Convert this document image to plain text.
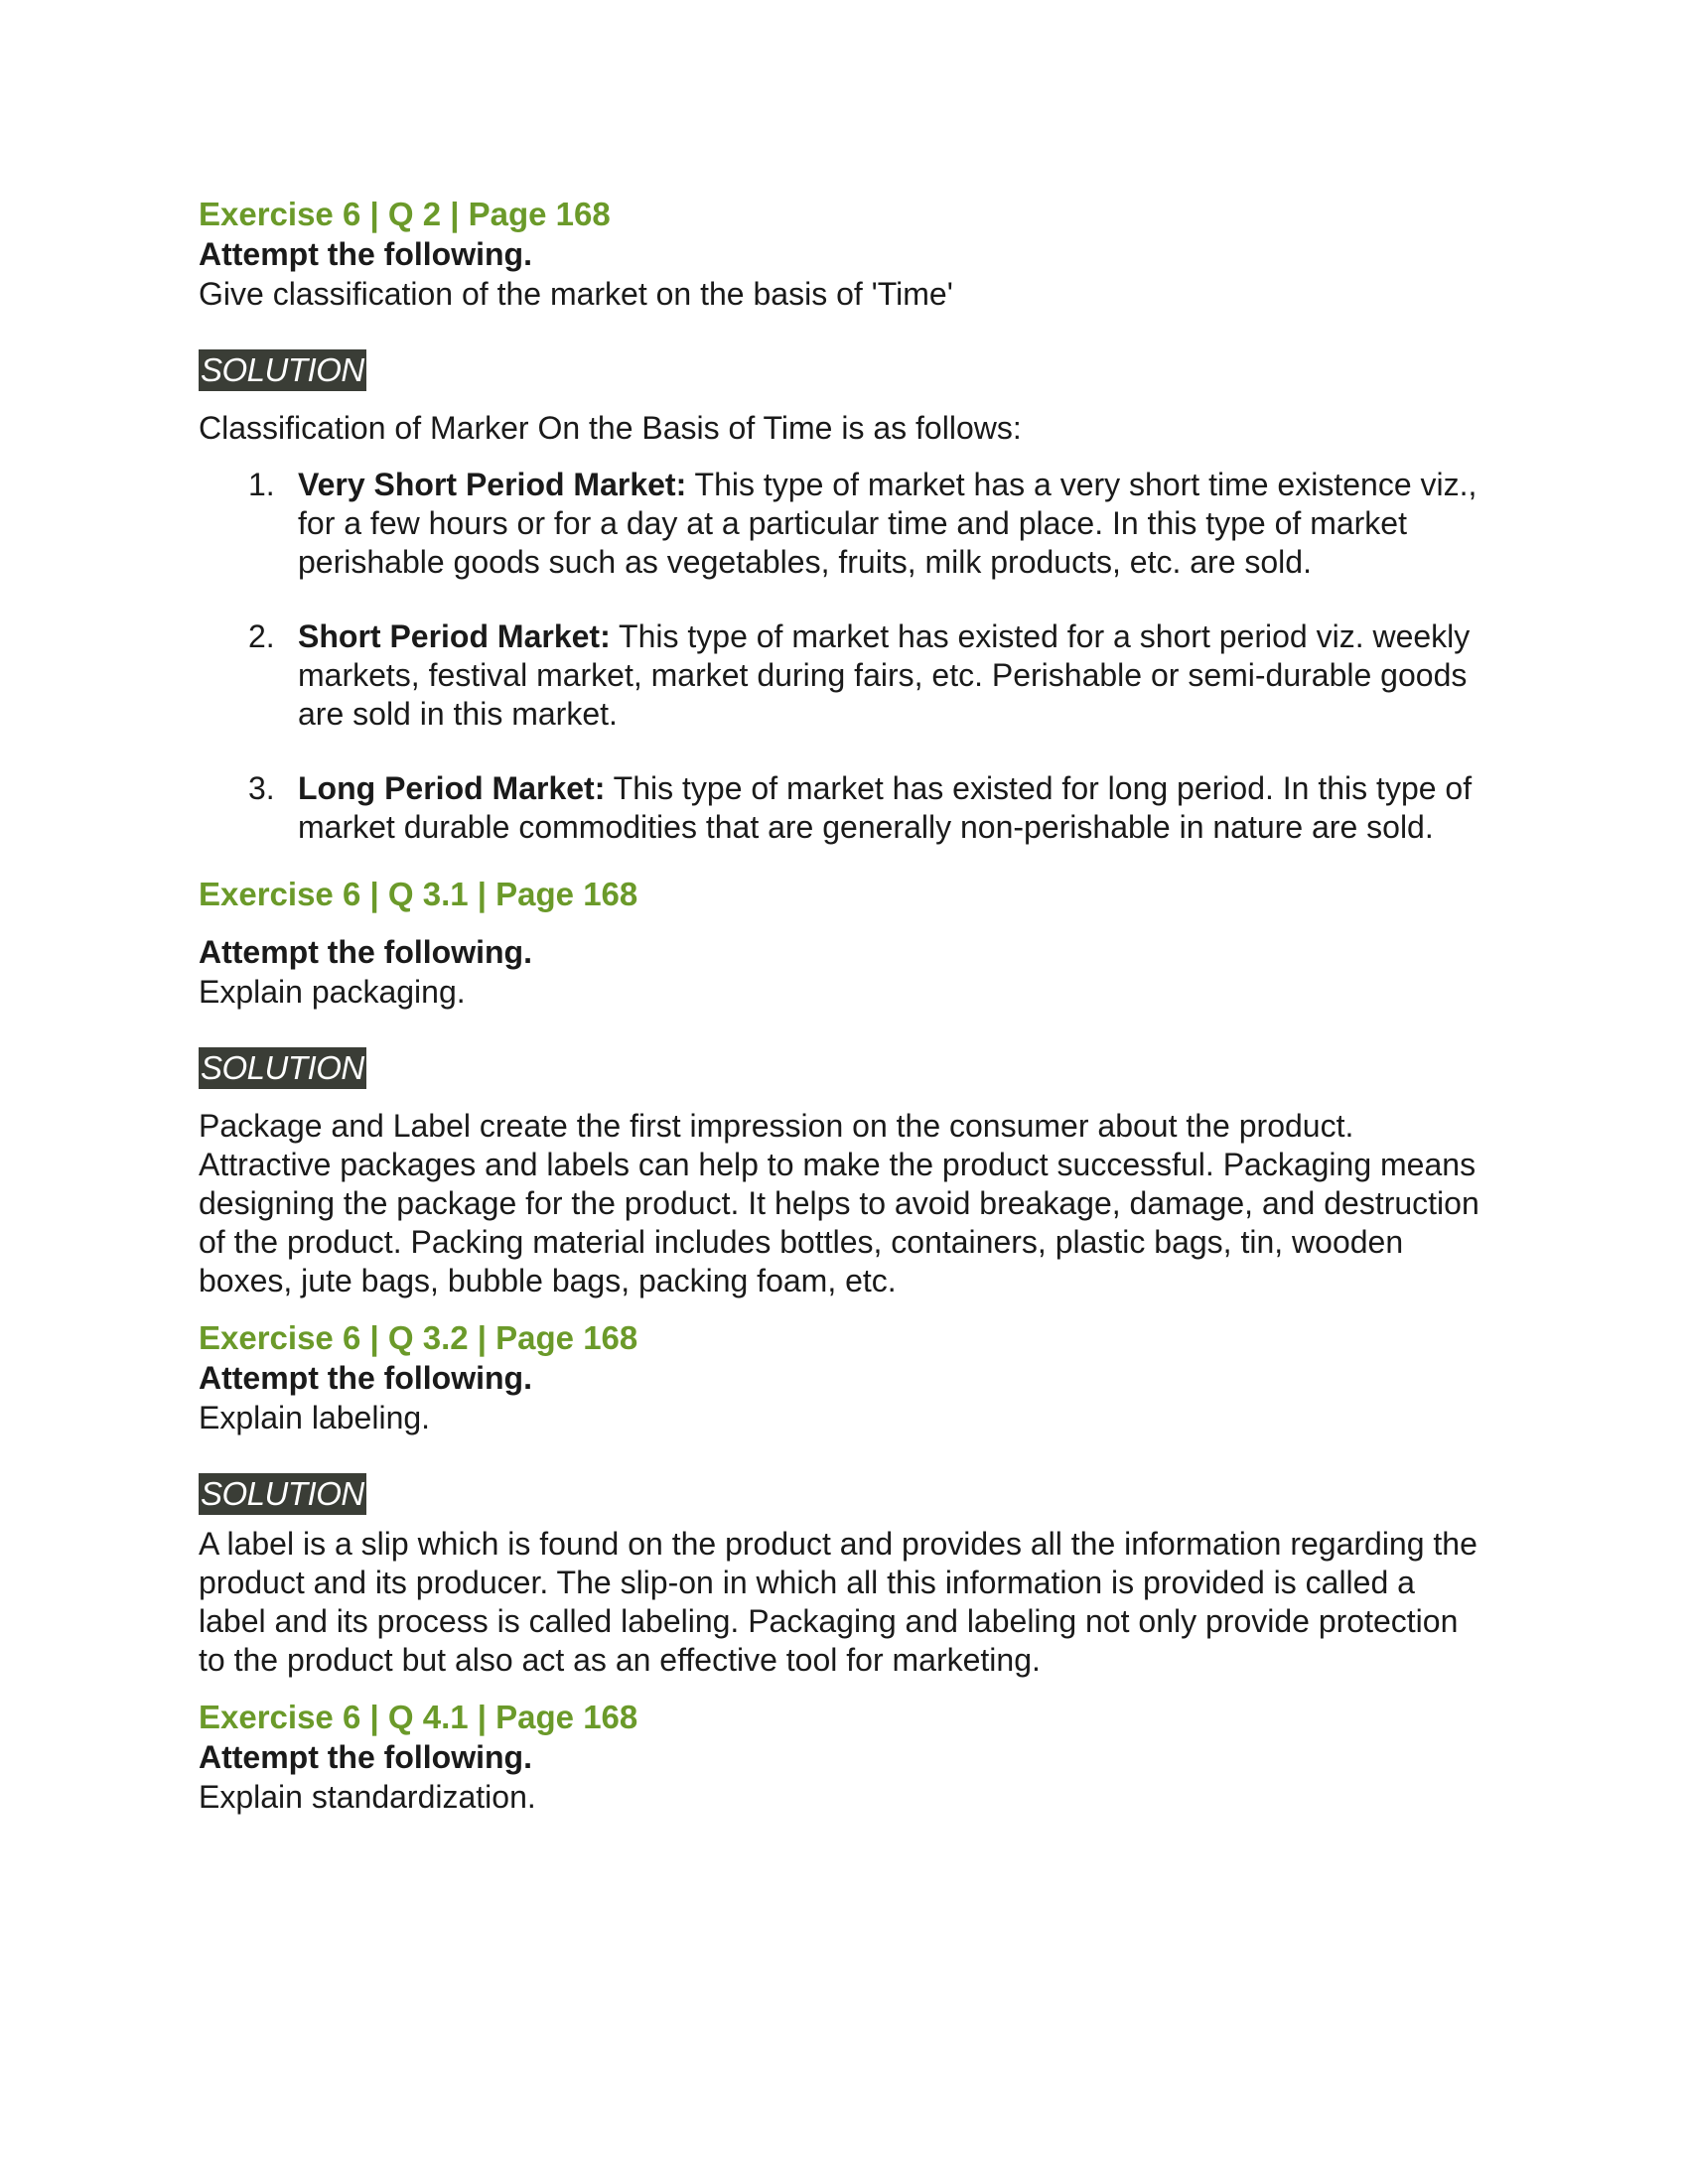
Exercise 6 | Q 2 | Page 168

Attempt the following.

Give classification of the market on the basis of 'Time'

SOLUTION

Classification of Marker On the Basis of Time is as follows:

1. Very Short Period Market: This type of market has a very short time existence viz., for a few hours or for a day at a particular time and place. In this type of market perishable goods such as vegetables, fruits, milk products, etc. are sold.
2. Short Period Market: This type of market has existed for a short period viz. weekly markets, festival market, market during fairs, etc. Perishable or semi-durable goods are sold in this market.
3. Long Period Market: This type of market has existed for long period. In this type of market durable commodities that are generally non-perishable in nature are sold.

Exercise 6 | Q 3.1 | Page 168

Attempt the following.

Explain packaging.

SOLUTION

Package and Label create the first impression on the consumer about the product. Attractive packages and labels can help to make the product successful. Packaging means designing the package for the product. It helps to avoid breakage, damage, and destruction of the product. Packing material includes bottles, containers, plastic bags, tin, wooden boxes, jute bags, bubble bags, packing foam, etc.

Exercise 6 | Q 3.2 | Page 168

Attempt the following.

Explain labeling.

SOLUTION

A label is a slip which is found on the product and provides all the information regarding the product and its producer. The slip-on in which all this information is provided is called a label and its process is called labeling. Packaging and labeling not only provide protection to the product but also act as an effective tool for marketing.

Exercise 6 | Q 4.1 | Page 168

Attempt the following.

Explain standardization.
